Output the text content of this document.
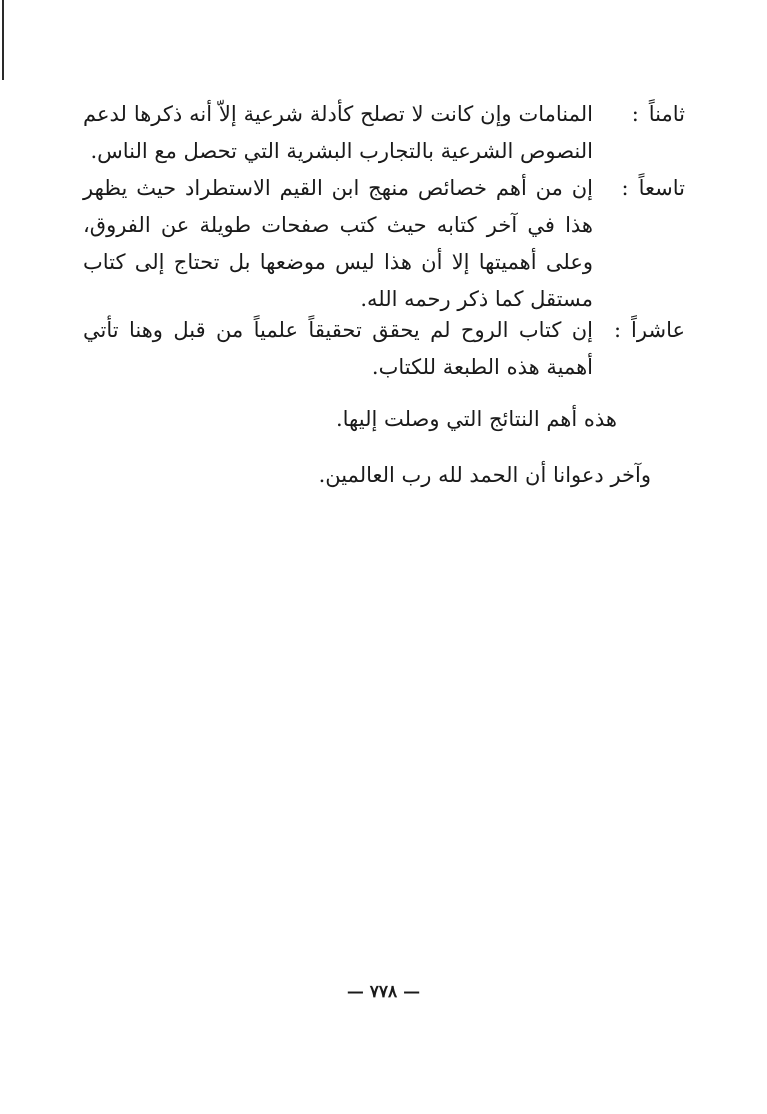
ثامناً:
المنامات وإن كانت لا تصلح كأدلة شرعية إلاّ أنه ذكرها لدعم النصوص الشرعية بالتجارب البشرية التي تحصل مع الناس.
تاسعاً:
إن من أهم خصائص منهج ابن القيم الاستطراد حيث يظهر هذا في آخر كتابه حيث كتب صفحات طويلة عن الفروق، وعلى أهميتها إلا أن هذا ليس موضعها بل تحتاج إلى كتاب مستقل كما ذكر رحمه الله.
عاشراً:
إن كتاب الروح لم يحقق تحقيقاً علمياً من قبل وهنا تأتي أهمية هذه الطبعة للكتاب.
هذه أهم النتائج التي وصلت إليها.
وآخر دعوانا أن الحمد لله رب العالمين.
— ٧٧٨ —
